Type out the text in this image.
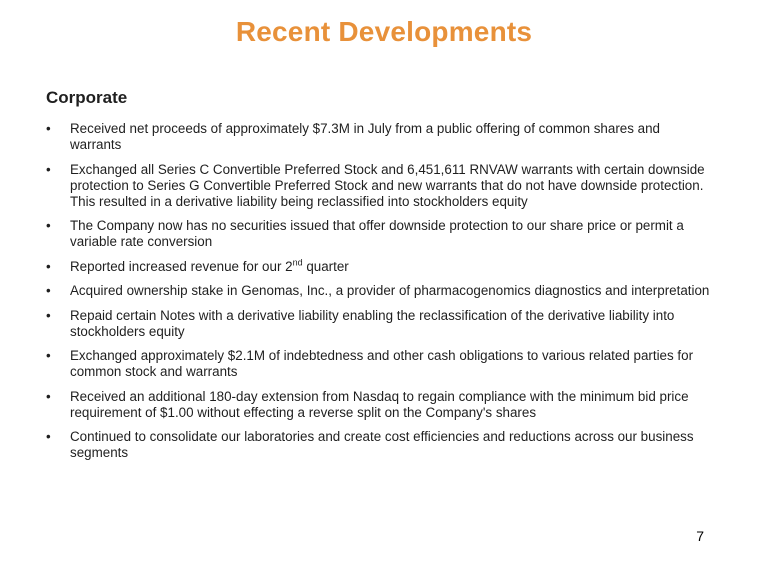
Recent Developments
Corporate
• Received net proceeds of approximately $7.3M in July from a public offering of common shares and warrants
• Exchanged all Series C Convertible Preferred Stock and 6,451,611 RNVAW warrants with certain downside protection to Series G Convertible Preferred Stock and new warrants that do not have downside protection. This resulted in a derivative liability being reclassified into stockholders equity
• The Company now has no securities issued that offer downside protection to our share price or permit a variable rate conversion
• Reported increased revenue for our 2nd quarter
• Acquired ownership stake in Genomas, Inc., a provider of pharmacogenomics diagnostics and interpretation
• Repaid certain Notes with a derivative liability enabling the reclassification of the derivative liability into stockholders equity
• Exchanged approximately $2.1M of indebtedness and other cash obligations to various related parties for common stock and warrants
• Received an additional 180-day extension from Nasdaq to regain compliance with the minimum bid price requirement of $1.00 without effecting a reverse split on the Company's shares
• Continued to consolidate our laboratories and create cost efficiencies and reductions across our business segments
7
